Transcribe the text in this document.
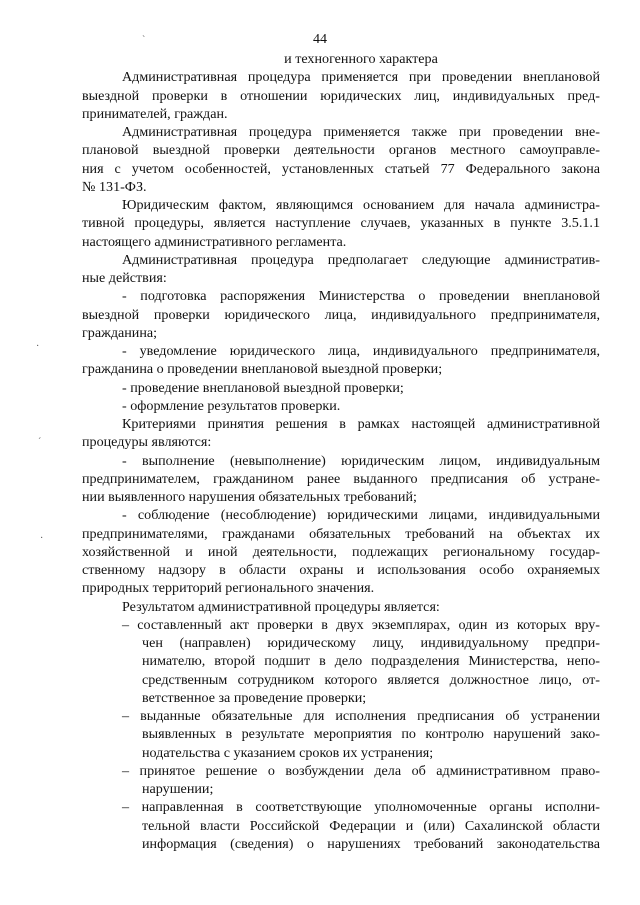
44
и техногенного характера
Административная процедура применяется при проведении внеплановой
выездной проверки в отношении юридических лиц, индивидуальных пред-
принимателей, граждан.
Административная процедура применяется также при проведении вне-
плановой выездной проверки деятельности органов местного самоуправле-
ния с учетом особенностей, установленных статьей 77 Федерального закона
№ 131-ФЗ.
Юридическим фактом, являющимся основанием для начала администра-
тивной процедуры, является наступление случаев, указанных в пункте 3.5.1.1
настоящего административного регламента.
Административная процедура предполагает следующие административ-
ные действия:
- подготовка распоряжения Министерства о проведении внеплановой
выездной проверки юридического лица, индивидуального предпринимателя,
гражданина;
- уведомление юридического лица, индивидуального предпринимателя,
гражданина о проведении внеплановой выездной проверки;
- проведение внеплановой выездной проверки;
- оформление результатов проверки.
Критериями принятия решения в рамках настоящей административной
процедуры являются:
- выполнение (невыполнение) юридическим лицом, индивидуальным
предпринимателем, гражданином ранее выданного предписания об устране-
нии выявленного нарушения обязательных требований;
- соблюдение (несоблюдение) юридическими лицами, индивидуальными
предпринимателями, гражданами обязательных требований на объектах их
хозяйственной и иной деятельности, подлежащих региональному государ-
ственному надзору в области охраны и использования особо охраняемых
природных территорий регионального значения.
Результатом административной процедуры является:
– составленный акт проверки в двух экземплярах, один из которых вру-
чен (направлен) юридическому лицу, индивидуальному предпри-
нимателю, второй подшит в дело подразделения Министерства, непо-
средственным сотрудником которого является должностное лицо, от-
ветственное за проведение проверки;
– выданные обязательные для исполнения предписания об устранении
выявленных в результате мероприятия по контролю нарушений зако-
нодательства с указанием сроков их устранения;
– принятое решение о возбуждении дела об административном право-
нарушении;
– направленная в соответствующие уполномоченные органы исполни-
тельной власти Российской Федерации и (или) Сахалинской области
информация (сведения) о нарушениях требований законодательства
ˋ
·
ˊ
·
